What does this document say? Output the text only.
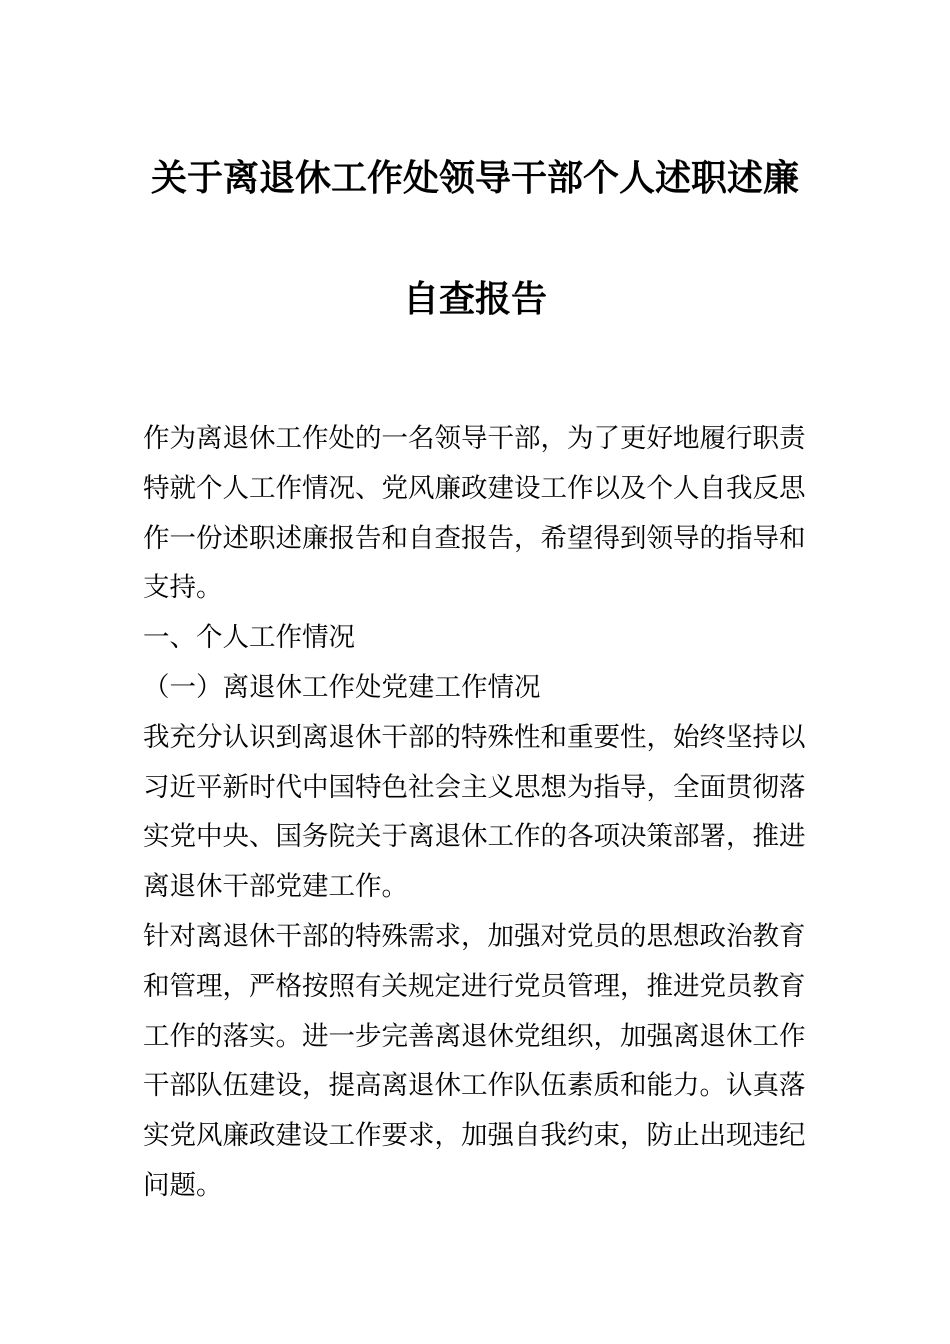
关于离退休工作处领导干部个人述职述廉
自查报告
作为离退休工作处的一名领导干部，为了更好地履行职责
特就个人工作情况、党风廉政建设工作以及个人自我反思
作一份述职述廉报告和自查报告，希望得到领导的指导和
支持。
一、个人工作情况
（一）离退休工作处党建工作情况
我充分认识到离退休干部的特殊性和重要性，始终坚持以
习近平新时代中国特色社会主义思想为指导，全面贯彻落
实党中央、国务院关于离退休工作的各项决策部署，推进
离退休干部党建工作。
针对离退休干部的特殊需求，加强对党员的思想政治教育
和管理，严格按照有关规定进行党员管理，推进党员教育
工作的落实。进一步完善离退休党组织，加强离退休工作
干部队伍建设，提高离退休工作队伍素质和能力。认真落
实党风廉政建设工作要求，加强自我约束，防止出现违纪
问题。
